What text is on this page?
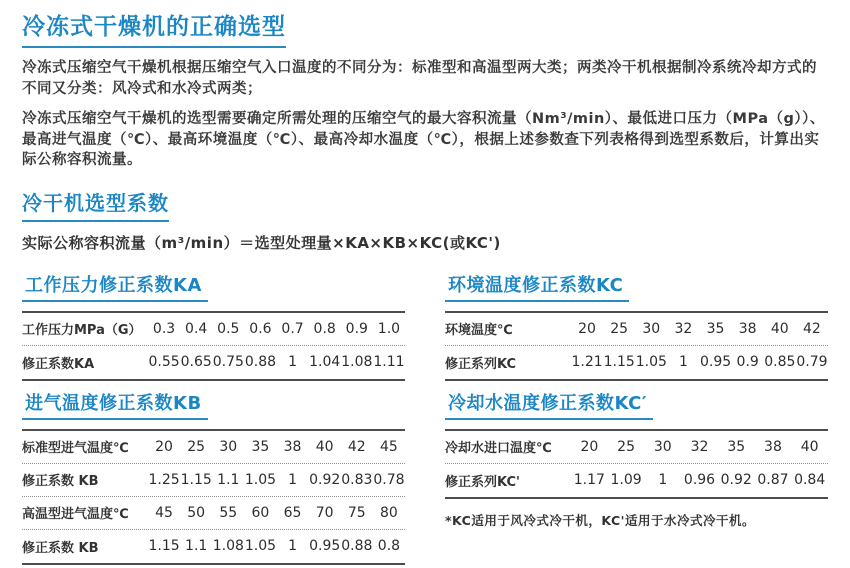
冷冻式干燥机的正确选型

冷冻式压缩空气干燥机根据压缩空气入口温度的不同分为：标准型和高温型两大类；两类冷干机根据制冷系统冷却方式的不同又分类：风冷式和水冷式两类；

冷冻式压缩空气干燥机的选型需要确定所需处理的压缩空气的最大容积流量（Nm³/min）、最低进口压力（MPa（g））、最高进气温度（℃）、最高环境温度（℃）、最高冷却水温度（℃），根据上述参数查下列表格得到选型系数后，计算出实际公称容积流量。

冷干机选型系数

实际公称容积流量（m³/min）＝选型处理量×KA×KB×KC(或KC')

工作压力修正系数KA
工作压力MPa（G） 0.3 0.4 0.5 0.6 0.7 0.8 0.9 1.0
修正系数KA	0.55 0.65 0.75 0.88 1 1.04 1.08 1.11
环境温度修正系数KC
环境温度℃	20	25	30	32	35	38	40	42
修正系列KC	1.21 1.15 1.05 1 0.95 0.9 0.85 0.79
进气温度修正系数KB
标准型进气温度℃	20	25	30	35	38	40	42	45
修正系数 KB	1.25 1.15 1.1 1.05 1 0.92 0.83 0.78
高温型进气温度℃	45	50	55	60	65	70	75	80
修正系数 KB	1.15 1.1 1.08 1.05 1 0.95 0.88 0.8
冷却水温度修正系数KC′
冷却水进口温度℃	20	25	30	32	35	38	40
修正系列KC'	1.17 1.09	1	0.96 0.92 0.87 0.84

*KC适用于风冷式冷干机，KC'适用于水冷式冷干机。
